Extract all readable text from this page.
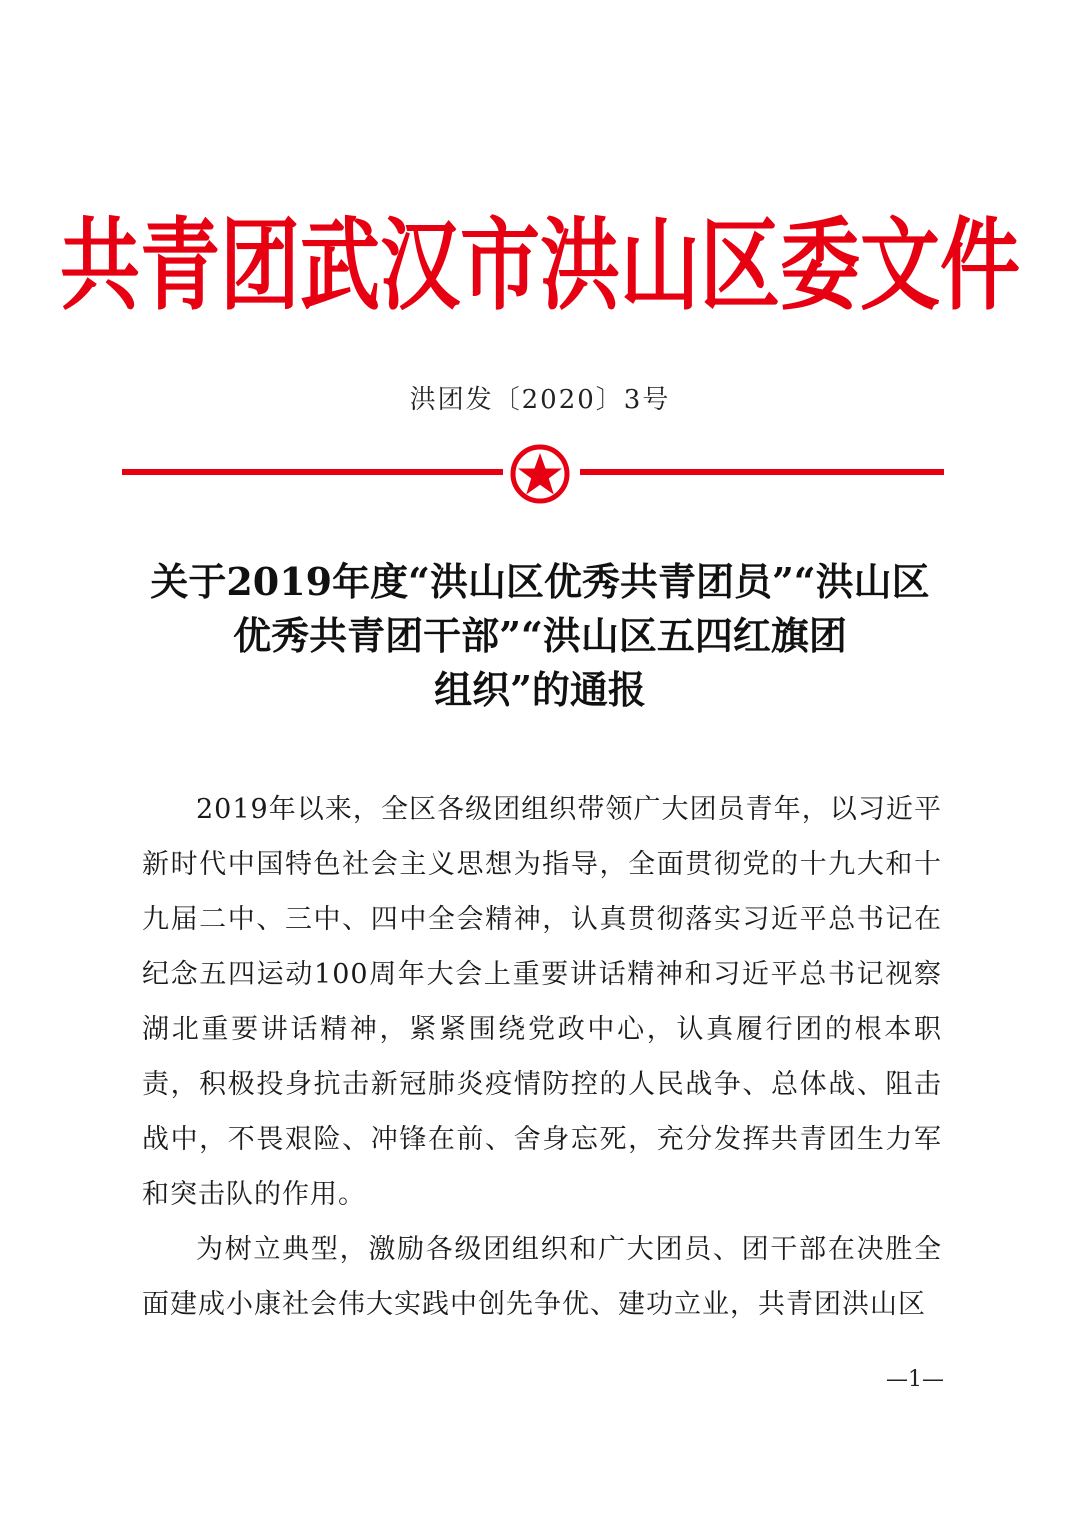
共青团武汉市洪山区委文件
洪团发〔2020〕3号
关于2019年度“洪山区优秀共青团员”“洪山区
优秀共青团干部”“洪山区五四红旗团
组织”的通报

2019年以来，全区各级团组织带领广大团员青年，以习近平新时代中国特色社会主义思想为指导，全面贯彻党的十九大和十九届二中、三中、四中全会精神，认真贯彻落实习近平总书记在纪念五四运动100周年大会上重要讲话精神和习近平总书记视察湖北重要讲话精神，紧紧围绕党政中心，认真履行团的根本职责，积极投身抗击新冠肺炎疫情防控的人民战争、总体战、阻击战中，不畏艰险、冲锋在前、舍身忘死，充分发挥共青团生力军和突击队的作用。

为树立典型，激励各级团组织和广大团员、团干部在决胜全面建成小康社会伟大实践中创先争优、建功立业，共青团洪山区

—1—
